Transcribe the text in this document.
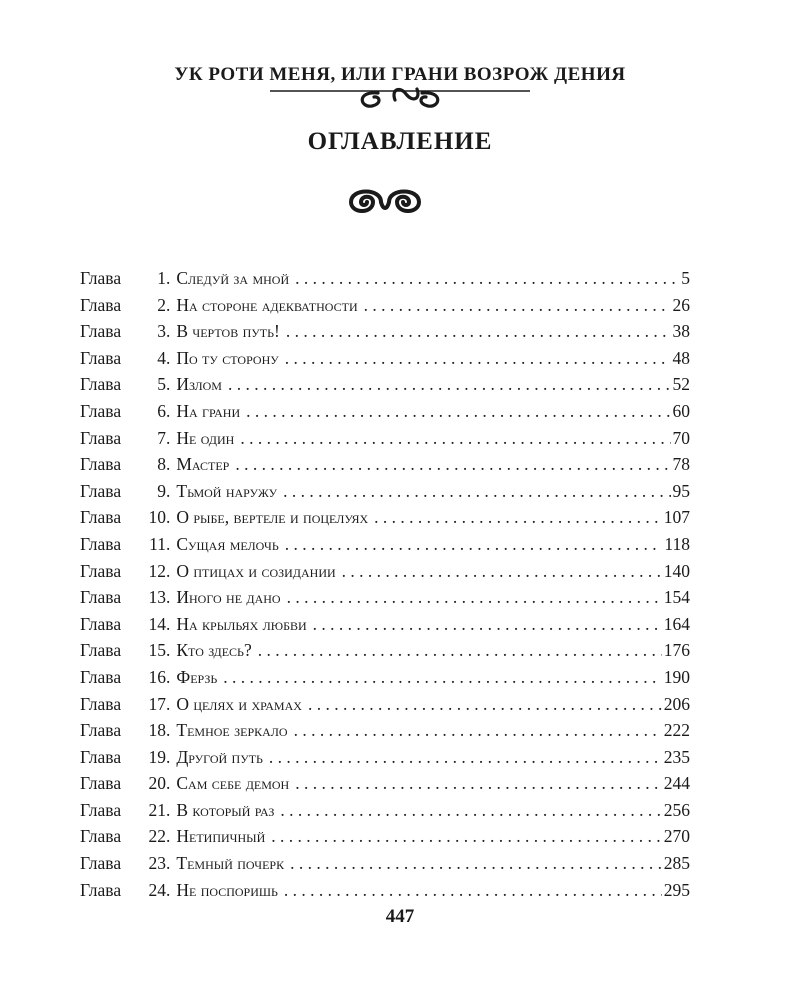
УК РОТИ МЕНЯ, ИЛИ ГРАНИ ВОЗРОЖ ДЕНИЯ
ОГЛАВЛЕНИЕ
Глава	1 . Следуй за мной . . .	5
Глава	2 . На стороне адекватности . . .	26
Глава	3 . В чертов путь! . . .	38
Глава	4 . По ту сторону . . .	48
Глава	5 . Излом . . .	52
Глава	6 . На грани . . .	60
Глава	7 . Не один . . .	70
Глава	8 . Мастер . . .	78
Глава	9 . Тьмой наружу . . .	95
Глава	10 . О рыбе, вертеле и поцелуях . . .	107
Глава	11 . Сущая мелочь . . .	118
Глава	12 . О птицах и созидании . . .	140
Глава	13 . Иного не дано . . .	154
Глава	14 . На крыльях любви . . .	164
Глава	15 . Кто здесь? . . .	176
Глава	16 . Ферзь . . .	190
Глава	17 . О целях и храмах . . .	206
Глава	18 . Темное зеркало . . .	222
Глава	19 . Другой путь . . .	235
Глава	20 . Сам себе демон . . .	244
Глава	21 . В который раз . . .	256
Глава	22 . Нетипичный . . .	270
Глава	23 . Темный почерк . . .	285
Глава	24 . Не поспоришь . . .	295
447
